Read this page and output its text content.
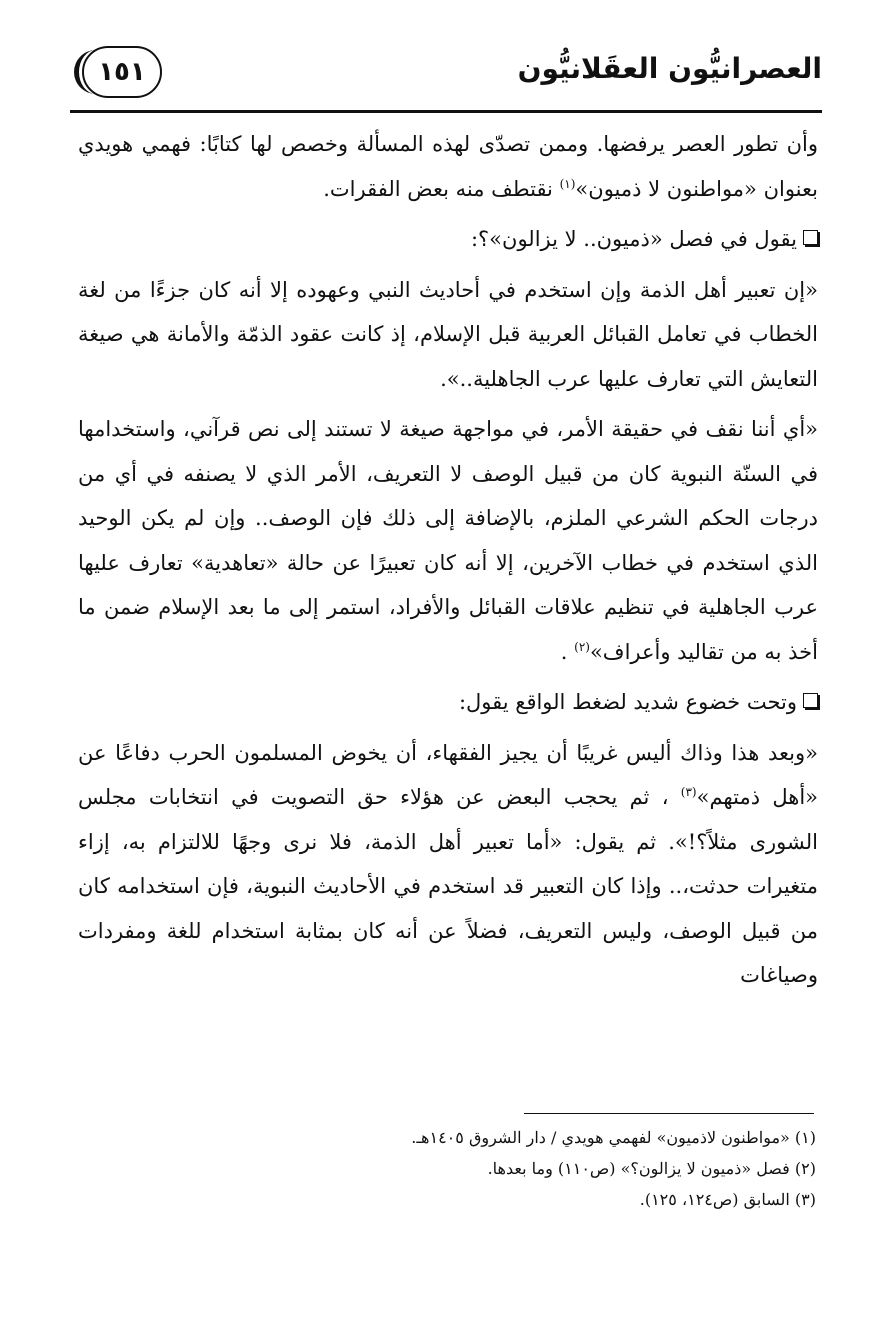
١٥١	العصرانيُّون العقَلانيُّون

وأن تطور العصر يرفضها. وممن تصدّى لهذه المسألة وخصص لها كتابًا: فهمي هويدي بعنوان «مواطنون لا ذميون»$^{(١)}$ نقتطف منه بعض الفقرات.

يقول في فصل «ذميون.. لا يزالون»؟:

«إن تعبير أهل الذمة وإن استخدم في أحاديث النبي وعهوده إلا أنه كان جزءًا من لغة الخطاب في تعامل القبائل العربية قبل الإسلام، إذ كانت عقود الذمّة والأمانة هي صيغة التعايش التي تعارف عليها عرب الجاهلية..».

«أي أننا نقف في حقيقة الأمر، في مواجهة صيغة لا تستند إلى نص قرآني، واستخدامها في السنّة النبوية كان من قبيل الوصف لا التعريف، الأمر الذي لا يصنفه في أي من درجات الحكم الشرعي الملزم، بالإضافة إلى ذلك فإن الوصف.. وإن لم يكن الوحيد الذي استخدم في خطاب الآخرين، إلا أنه كان تعبيرًا عن حالة «تعاهدية» تعارف عليها عرب الجاهلية في تنظيم علاقات القبائل والأفراد، استمر إلى ما بعد الإسلام ضمن ما أخذ به من تقاليد وأعراف»$^{(٢)}$ .

وتحت خضوع شديد لضغط الواقع يقول:

«وبعد هذا وذاك أليس غريبًا أن يجيز الفقهاء، أن يخوض المسلمون الحرب دفاعًا عن «أهل ذمتهم»$^{(٣)}$ ، ثم يحجب البعض عن هؤلاء حق التصويت في انتخابات مجلس الشورى مثلاً؟!». ثم يقول: «أما تعبير أهل الذمة، فلا نرى وجهًا للالتزام به، إزاء متغيرات حدثت،.. وإذا كان التعبير قد استخدم في الأحاديث النبوية، فإن استخدامه كان من قبيل الوصف، وليس التعريف، فضلاً عن أنه كان بمثابة استخدام للغة ومفردات وصياغات

(١) «مواطنون لاذميون» لفهمي هويدي / دار الشروق ١٤٠٥هـ.

(٢) فصل «ذميون لا يزالون؟» (ص١١٠) وما بعدها.

(٣) السابق (ص١٢٤، ١٢٥).
